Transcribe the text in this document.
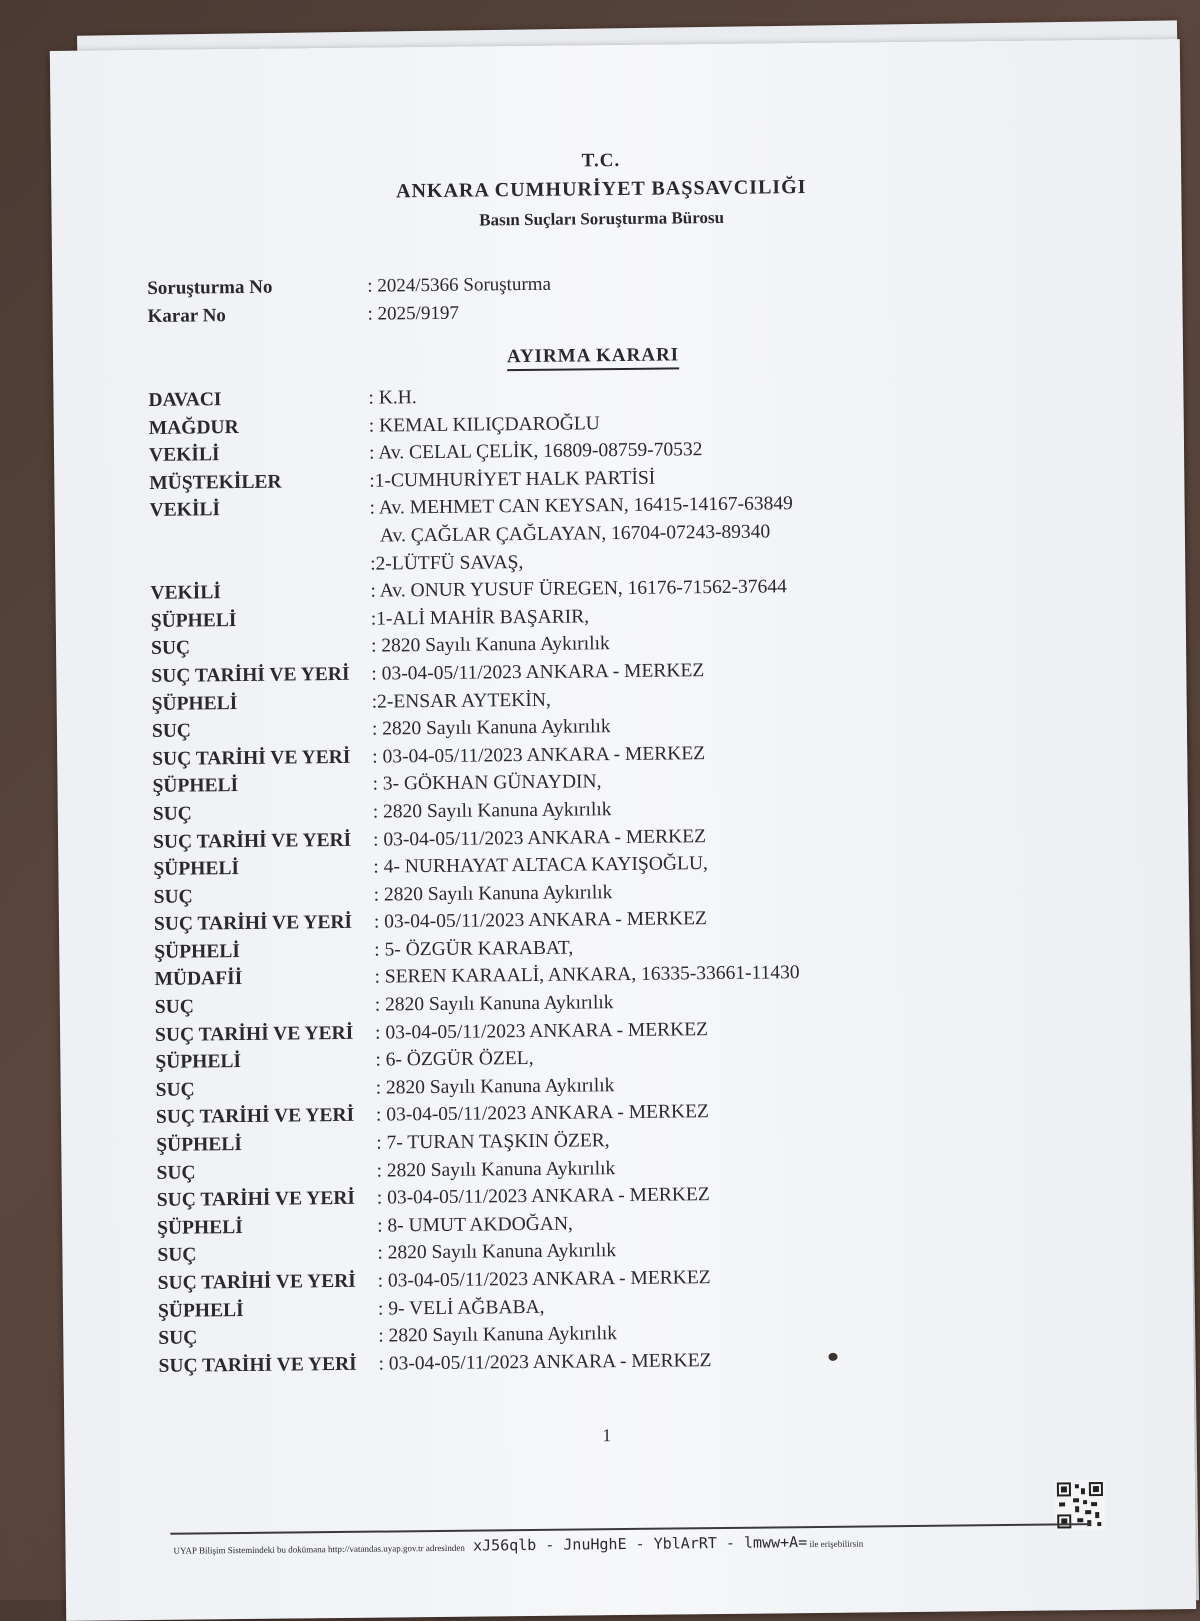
T.C.
ANKARA CUMHURİYET BAŞSAVCILIĞI
Basın Suçları Soruşturma Bürosu
Soruşturma No	: 2024/5366 Soruşturma
Karar No	: 2025/9197
AYIRMA KARARI
DAVACI	: K.H.
MAĞDUR	: KEMAL KILIÇDAROĞLU
VEKİLİ	: Av. CELAL ÇELİK, 16809-08759-70532
MÜŞTEKİLER	:1-CUMHURİYET HALK PARTİSİ
VEKİLİ	: Av. MEHMET CAN KEYSAN, 16415-14167-63849
Av. ÇAĞLAR ÇAĞLAYAN, 16704-07243-89340
:2-LÜTFÜ SAVAŞ,
VEKİLİ	: Av. ONUR YUSUF ÜREGEN, 16176-71562-37644
ŞÜPHELİ	:1-ALİ MAHİR BAŞARIR,
SUÇ	: 2820 Sayılı Kanuna Aykırılık
SUÇ TARİHİ VE YERİ	: 03-04-05/11/2023 ANKARA - MERKEZ
ŞÜPHELİ	:2-ENSAR AYTEKİN,
SUÇ	: 2820 Sayılı Kanuna Aykırılık
SUÇ TARİHİ VE YERİ	: 03-04-05/11/2023 ANKARA - MERKEZ
ŞÜPHELİ	: 3- GÖKHAN GÜNAYDIN,
SUÇ	: 2820 Sayılı Kanuna Aykırılık
SUÇ TARİHİ VE YERİ	: 03-04-05/11/2023 ANKARA - MERKEZ
ŞÜPHELİ	: 4- NURHAYAT ALTACA KAYIŞOĞLU,
SUÇ	: 2820 Sayılı Kanuna Aykırılık
SUÇ TARİHİ VE YERİ	: 03-04-05/11/2023 ANKARA - MERKEZ
ŞÜPHELİ	: 5- ÖZGÜR KARABAT,
MÜDAFİİ	: SEREN KARAALİ, ANKARA, 16335-33661-11430
SUÇ	: 2820 Sayılı Kanuna Aykırılık
SUÇ TARİHİ VE YERİ	: 03-04-05/11/2023 ANKARA - MERKEZ
ŞÜPHELİ	: 6- ÖZGÜR ÖZEL,
SUÇ	: 2820 Sayılı Kanuna Aykırılık
SUÇ TARİHİ VE YERİ	: 03-04-05/11/2023 ANKARA - MERKEZ
ŞÜPHELİ	: 7- TURAN TAŞKIN ÖZER,
SUÇ	: 2820 Sayılı Kanuna Aykırılık
SUÇ TARİHİ VE YERİ	: 03-04-05/11/2023 ANKARA - MERKEZ
ŞÜPHELİ	: 8- UMUT AKDOĞAN,
SUÇ	: 2820 Sayılı Kanuna Aykırılık
SUÇ TARİHİ VE YERİ	: 03-04-05/11/2023 ANKARA - MERKEZ
ŞÜPHELİ	: 9- VELİ AĞBABA,
SUÇ	: 2820 Sayılı Kanuna Aykırılık
SUÇ TARİHİ VE YERİ	: 03-04-05/11/2023 ANKARA - MERKEZ
1
UYAP Bilişim Sistemindeki bu dokümana http://vatandas.uyap.gov.tr adresinden xJ56qlb - JnuHghE - YblArRT - lmww+A= ile erişebilirsin
